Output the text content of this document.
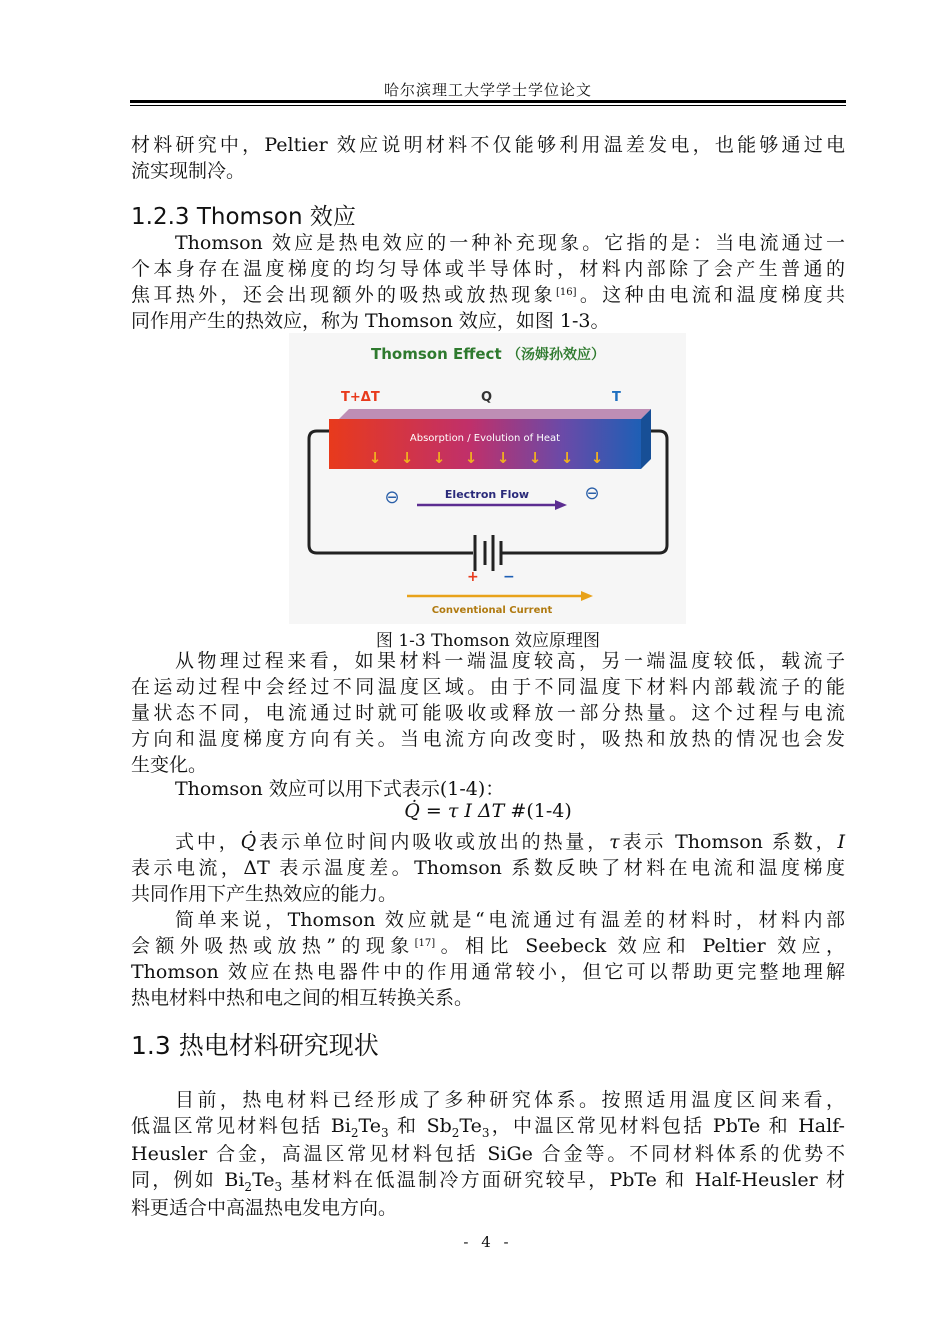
哈尔滨理工大学学士学位论文
材料研究中，Peltier 效应说明材料不仅能够利用温差发电，也能够通过电
流实现制冷。
1.2.3 Thomson 效应
Thomson 效应是热电效应的一种补充现象。它指的是：当电流通过一
个本身存在温度梯度的均匀导体或半导体时，材料内部除了会产生普通的
焦耳热外，还会出现额外的吸热或放热现象[16]。这种由电流和温度梯度共
同作用产生的热效应，称为 Thomson 效应，如图 1-3。
Thomson Effect （汤姆孙效应）
T+ΔT	Q	T
Absorption / Evolution of Heat
↓ ↓ ↓ ↓ ↓ ↓ ↓ ↓
+ −
⊖	⊖
Electron Flow
Conventional Current
图 1-3 Thomson 效应原理图
从物理过程来看，如果材料一端温度较高，另一端温度较低，载流子
在运动过程中会经过不同温度区域。由于不同温度下材料内部载流子的能
量状态不同，电流通过时就可能吸收或释放一部分热量。这个过程与电流
方向和温度梯度方向有关。当电流方向改变时，吸热和放热的情况也会发
生变化。
Thomson 效应可以用下式表示(1-4)：
Q̇ = τ I ΔT #(1-4)
式中，Q̇表示单位时间内吸收或放出的热量，τ表示 Thomson 系数，I
表示电流，ΔT 表示温度差。Thomson 系数反映了材料在电流和温度梯度
共同作用下产生热效应的能力。
简单来说，Thomson 效应就是“电流通过有温差的材料时，材料内部
会额外吸热或放热”的现象[17]。相比 Seebeck 效应和 Peltier 效应，
Thomson 效应在热电器件中的作用通常较小，但它可以帮助更完整地理解
热电材料中热和电之间的相互转换关系。
1.3 热电材料研究现状
目前，热电材料已经形成了多种研究体系。按照适用温度区间来看，
低温区常见材料包括 $Bi_2Te_3$ 和 $Sb_2Te_3$，中温区常见材料包括 PbTe 和 Half-
Heusler 合金，高温区常见材料包括 SiGe 合金等。不同材料体系的优势不
同，例如 $Bi_2Te_3$ 基材料在低温制冷方面研究较早，PbTe 和 Half-Heusler 材
料更适合中高温热电发电方向。
- 4 -
